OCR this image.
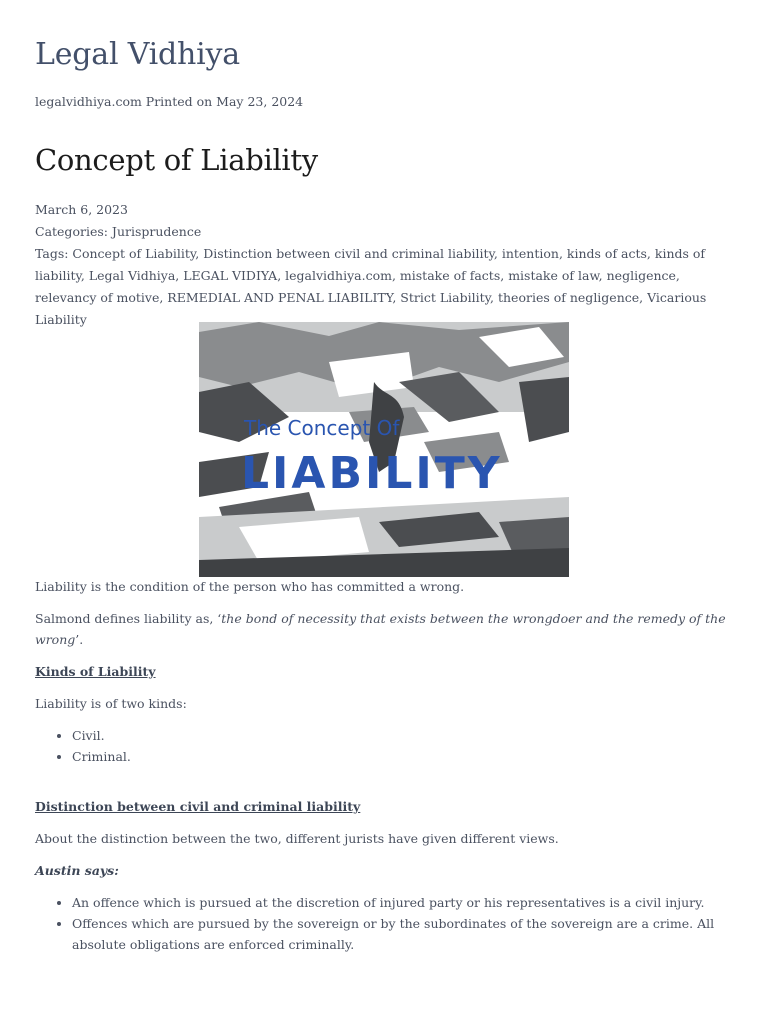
Legal Vidhiya
legalvidhiya.com Printed on May 23, 2024
Concept of Liability
March 6, 2023
Categories: Jurisprudence
Tags: Concept of Liability, Distinction between civil and criminal liability, intention, kinds of acts, kinds of liability, Legal Vidhiya, LEGAL VIDIYA, legalvidhiya.com, mistake of facts, mistake of law, negligence, relevancy of motive, REMEDIAL AND PENAL LIABILITY, Strict Liability, theories of negligence, Vicarious Liability
The Concept Of
LIABILITY

Liability is the condition of the person who has committed a wrong.

Salmond defines liability as, ‘the bond of necessity that exists between the wrongdoer and the remedy of the wrong’.

Kinds of Liability

Liability is of two kinds:

• Civil.
• Criminal.

Distinction between civil and criminal liability

About the distinction between the two, different jurists have given different views.

Austin says:

• An offence which is pursued at the discretion of injured party or his representatives is a civil injury.
• Offences which are pursued by the sovereign or by the subordinates of the sovereign are a crime. All absolute obligations are enforced criminally.
